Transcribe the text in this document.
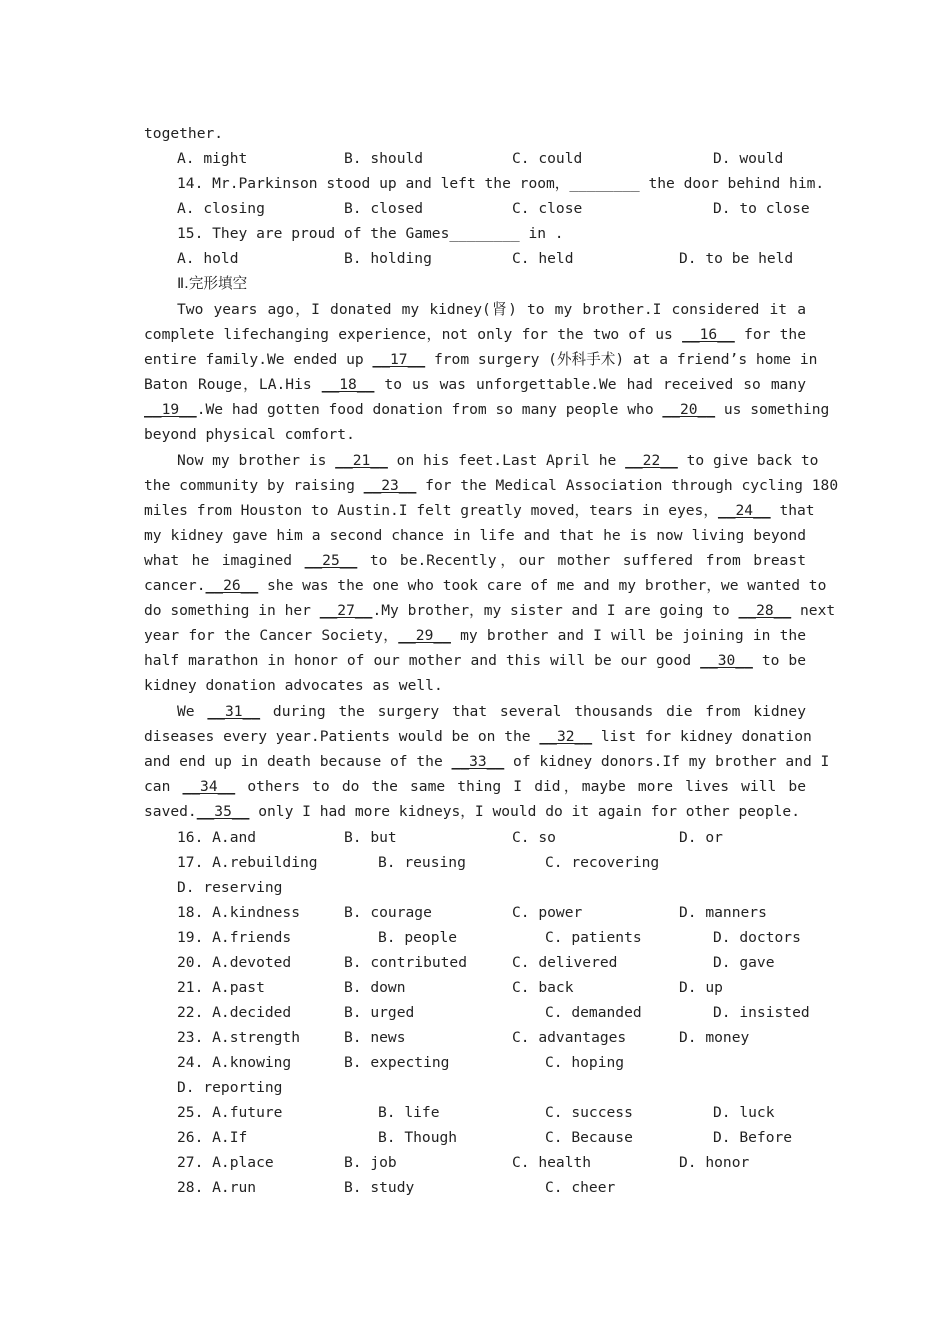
together.
A. might	B. should	C. could	D. would
14. Mr.Parkinson stood up and left the room，________ the door behind him.
A. closing	B. closed	C. close	D. to close
15. They are proud of the Games________ in .
A. hold	B. holding	C. held	D. to be held
Ⅱ.完形填空
Two years ago，I donated my kidney(肾) to my brother.I considered it a
complete lifechanging experience，not only for the two of us __16__ for the
entire family.We ended up __17__ from surgery (外科手术) at a friend’s home in
Baton Rouge，LA.His __18__ to us was unforgettable.We had received so many
__19__.We had gotten food donation from so many people who __20__ us something
beyond physical comfort.
Now my brother is __21__ on his feet.Last April he __22__ to give back to
the community by raising __23__ for the Medical Association through cycling 180
miles from Houston to Austin.I felt greatly moved，tears in eyes，__24__ that
my kidney gave him a second chance in life and that he is now living beyond
what he imagined __25__ to be.Recently，our mother suffered from breast
cancer.__26__ she was the one who took care of me and my brother，we wanted to
do something in her __27__.My brother，my sister and I are going to __28__ next
year for the Cancer Society，__29__ my brother and I will be joining in the
half marathon in honor of our mother and this will be our good __30__ to be
kidney donation advocates as well.
We __31__ during the surgery that several thousands die from kidney
diseases every year.Patients would be on the __32__ list for kidney donation
and end up in death because of the __33__ of kidney donors.If my brother and I
can __34__ others to do the same thing I did，maybe more lives will be
saved.__35__ only I had more kidneys，I would do it again for other people.
16. A.and	B. but	C. so	D. or
17. A.rebuilding	B. reusing	C. recovering
D. reserving
18. A.kindness	B. courage	C. power	D. manners
19. A.friends	B. people	C. patients	D. doctors
20. A.devoted	B. contributed	C. delivered	D. gave
21. A.past	B. down	C. back	D. up
22. A.decided	B. urged	C. demanded	D. insisted
23. A.strength	B. news	C. advantages	D. money
24. A.knowing	B. expecting	C. hoping
D. reporting
25. A.future	B. life	C. success	D. luck
26. A.If	B. Though	C. Because	D. Before
27. A.place	B. job	C. health	D. honor
28. A.run	B. study	C. cheer
